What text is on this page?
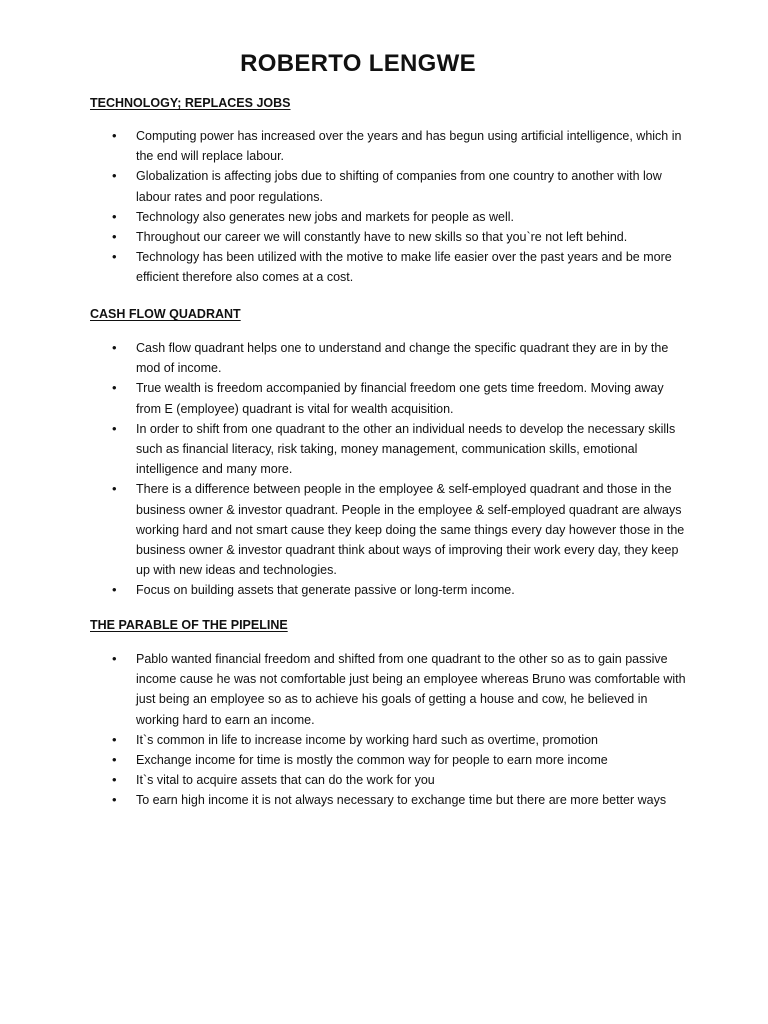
ROBERTO LENGWE
TECHNOLOGY; REPLACES JOBS
• Computing power has increased over the years and has begun using artificial intelligence, which in the end will replace labour.
• Globalization is affecting jobs due to shifting of companies from one country to another with low labour rates and poor regulations.
• Technology also generates new jobs and markets for people as well.
• Throughout our career we will constantly have to new skills so that you`re not left behind.
• Technology has been utilized with the motive to make life easier over the past years and be more efficient therefore also comes at a cost.
CASH FLOW QUADRANT
• Cash flow quadrant helps one to understand and change the specific quadrant they are in by the mod of income.
• True wealth is freedom accompanied by financial freedom one gets time freedom. Moving away from E (employee) quadrant is vital for wealth acquisition.
• In order to shift from one quadrant to the other an individual needs to develop the necessary skills such as financial literacy, risk taking, money management, communication skills, emotional intelligence and many more.
• There is a difference between people in the employee & self-employed quadrant and those in the business owner & investor quadrant. People in the employee & self-employed quadrant are always working hard and not smart cause they keep doing the same things every day however those in the business owner & investor quadrant think about ways of improving their work every day, they keep up with new ideas and technologies.
• Focus on building assets that generate passive or long-term income.
THE PARABLE OF THE PIPELINE
• Pablo wanted financial freedom and shifted from one quadrant to the other so as to gain passive income cause he was not comfortable just being an employee whereas Bruno was comfortable with just being an employee so as to achieve his goals of getting a house and cow, he believed in working hard to earn an income.
• It`s common in life to increase income by working hard such as overtime, promotion
• Exchange income for time is mostly the common way for people to earn more income
• It`s vital to acquire assets that can do the work for you
• To earn high income it is not always necessary to exchange time but there are more better ways
